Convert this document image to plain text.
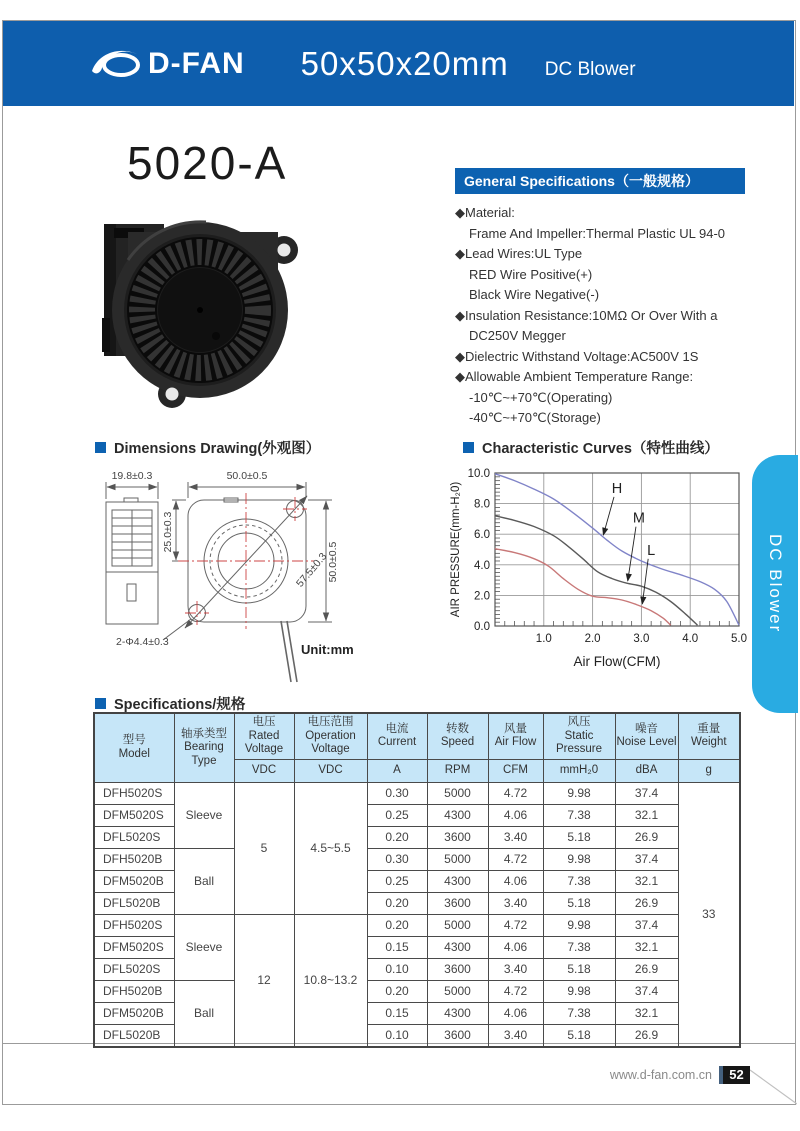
D-FAN 50x50x20mm DC Blower
5020-A	General Specifications（一般规格）
◆Material:
Frame And Impeller:Thermal Plastic UL 94-0
◆Lead Wires:UL Type
RED Wire Positive(+)
Black Wire Negative(-)
◆Insulation Resistance:10MΩ Or Over With a
DC250V Megger
◆Dielectric Withstand Voltage:AC500V 1S
◆Allowable Ambient Temperature Range:
-10℃~+70℃(Operating)
-40℃~+70℃(Storage)
Dimensions Drawing(外观图）	Characteristic Curves（特性曲线）
Specifications/规格
19.8±0.3	50.0±0.5
25.0±0.3
50.0±0.5
57.5±0.3
2-Φ4.4±0.3	Unit:mm
1.0	2.0	3.0	4.0	5.0
0.0
2.0
4.0
6.0
8.0
10.0
H
M
L
Air Flow(CFM)
AIR PRESSURE(mm-H₂0)	DC Blower
型号
Model	轴承类型
Bearing
Type	电压
Rated
Voltage	电压范围
Operation
Voltage	电流
Current	转数
Speed	风量
Air Flow	风压
Static
Pressure	噪音
Noise Level	重量
Weight
		VDC	VDC	A	RPM	CFM	mmH₂0	dBA	g
DFH5020S	Sleeve	5	4.5~5.5	0.30	5000	4.72	9.98	37.4	33
DFM5020S				0.25	4300	4.06	7.38	32.1	
DFL5020S				0.20	3600	3.40	5.18	26.9	
DFH5020B	Ball			0.30	5000	4.72	9.98	37.4	
DFM5020B				0.25	4300	4.06	7.38	32.1	
DFL5020B				0.20	3600	3.40	5.18	26.9	
DFH5020S	Sleeve	12	10.8~13.2	0.20	5000	4.72	9.98	37.4	
DFM5020S				0.15	4300	4.06	7.38	32.1	
DFL5020S				0.10	3600	3.40	5.18	26.9	
DFH5020B	Ball			0.20	5000	4.72	9.98	37.4	
DFM5020B				0.15	4300	4.06	7.38	32.1	
DFL5020B				0.10	3600	3.40	5.18	26.9	
www.d-fan.com.cn	52
